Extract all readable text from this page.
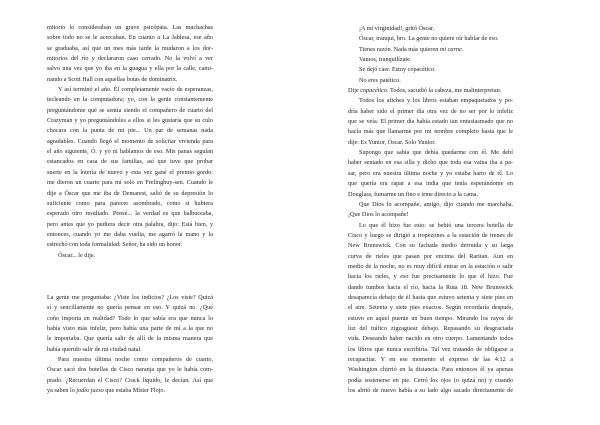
mitorio lo consideraban un grave psicópata. Las muchachas
sobre todo no se le acercaban. En cuanto a La Jablesa, ese año
se graduaba, así que un mes más tarde la mudaron a los dor-
mitorios del río y declararon caso cerrado. No la volví a ver
salvo una vez que yo iba en la guagua y ella por la calle, cami-
nando a Scott Hall con aquellas botas de dominatrix.
Y así terminó el año. Él completamente vacío de esperanzas,
tecleando en la computadora; yo, con la gente constantemente
preguntándome qué se sentía siendo el compañero de cuarto del
Crazyman y yo preguntándoles a ellos si les gustaría que su culo
chocara con la punta de mi pie... Un par de semanas nada
agradables. Cuando llegó el momento de solicitar vivienda para
el año siguiente, Ó. y yo ni hablamos de eso. Mis panas seguían
estancados en casa de sus familias, así que tuve que probar
suerte en la lotería de nuevo y esta vez gané el premio gordo:
me dieron un cuarto para mí solo en Frelinghuy-sen. Cuando le
dije a Óscar que me iba de Demarest, salió de su depresión lo
suficiente como para parecer asombrado, como si hubiera
esperado otro resultado. Pensé... la verdad es que balbuceaba,
pero antes que yo pudiera decir otra palabra, dijo: Está bien, y
entonces, cuando yo me daba vuelta, me agarró la mano y la
estrechó con toda formalidad: Señor, ha sido un honor.
Óscar... le dije.
La gente me preguntaba: ¿Viste los indicios? ¿Los viste? Quizá
sí y sencillamente no quería pensar en eso. Y quizá no. ¿Qué
coño importa en realidad? Todo lo que sabía era que nunca lo
había visto más infeliz, pero había una parte de mí a la que no
le importaba. Que quería salir de allí de la misma manera que
había querido salir de mi ciudad natal.
Para nuestra última noche como compañeros de cuarto,
Óscar sacó dos botellas de Cisco naranja que yo le había com-
prado. ¿Recuerdan el Cisco? Crack líquido, le decían. Así que
ya saben lo jodío jueso que estaba Míster Flojo.
¡A mi virginidad!, gritó Óscar.
Óscar, tranqui, bro. La gente no quiere oír hablar de eso.
Tienes razón. Nada más quieren mi carne.
Vamos, tranquilízate.
Se dejó caer. Estoy copacético.
No eres patético.
Dije copacético. Todos, sacudió la cabeza, me malinterpretan.
Todos los afiches y los libros estaban empaquetados y po-
dría haber sido el primer día otra vez de no ser por lo infeliz
que se veía. El primer día había estado tan entusiasmado que no
hacía más que llamarme por mi nombre completo hasta que le
dije: Es Yunior, Óscar. Solo Yunior.
Supongo que sabía que debía quedarme con él. Me debí
haber sentado en esa silla y dicho que toda esa vaina iba a pa-
sar, pero era nuestra última noche y yo estaba harto de él. Lo
que quería era rapar a esa india que tenía esperándome en
Douglass, fumarme un fino e irme directo a la cama.
Que Dios lo acompañe, amigo, dijo cuando me marchaba.
¡Que Dios lo acompañe!
Lo que él hizo fue esto: se bebió una tercera botella de
Cisco y luego se dirigió a tropezones a la estación de trenes de
New Brunswick. Con su fachada medio derruida y su larga
curva de rieles que pasan por encima del Raritan. Aun en
medio de la noche, no es muy difícil entrar en la estación o salir
hacia los rieles, y eso fue precisamente lo que él hizo. Fue
dando tumbos hacia el río, hacia la Ruta 18. New Brunswick
desaparecía debajo de él hasta que estuvo setenta y siete pies en
el aire. Setenta y siete pies exactos. Según recordaría después,
estuvo en aquel puente un buen tiempo. Mirando los rayos de
luz del tráfico zigzaguear debajo. Repasando su desgraciada
vida. Deseando haber nacido en otro cuerpo. Lamentando todos
los libros que nunca escribiría. Tal vez tratando de obligarse a
recapacitar. Y en ese momento el expreso de las 4:12 a
Washington chirrió en la distancia. Para entonces él ya apenas
podía sostenerse en pie. Cerró los ojos (o quizá no) y cuando
los abrió de nuevo había a su lado algo sacado directamente de
